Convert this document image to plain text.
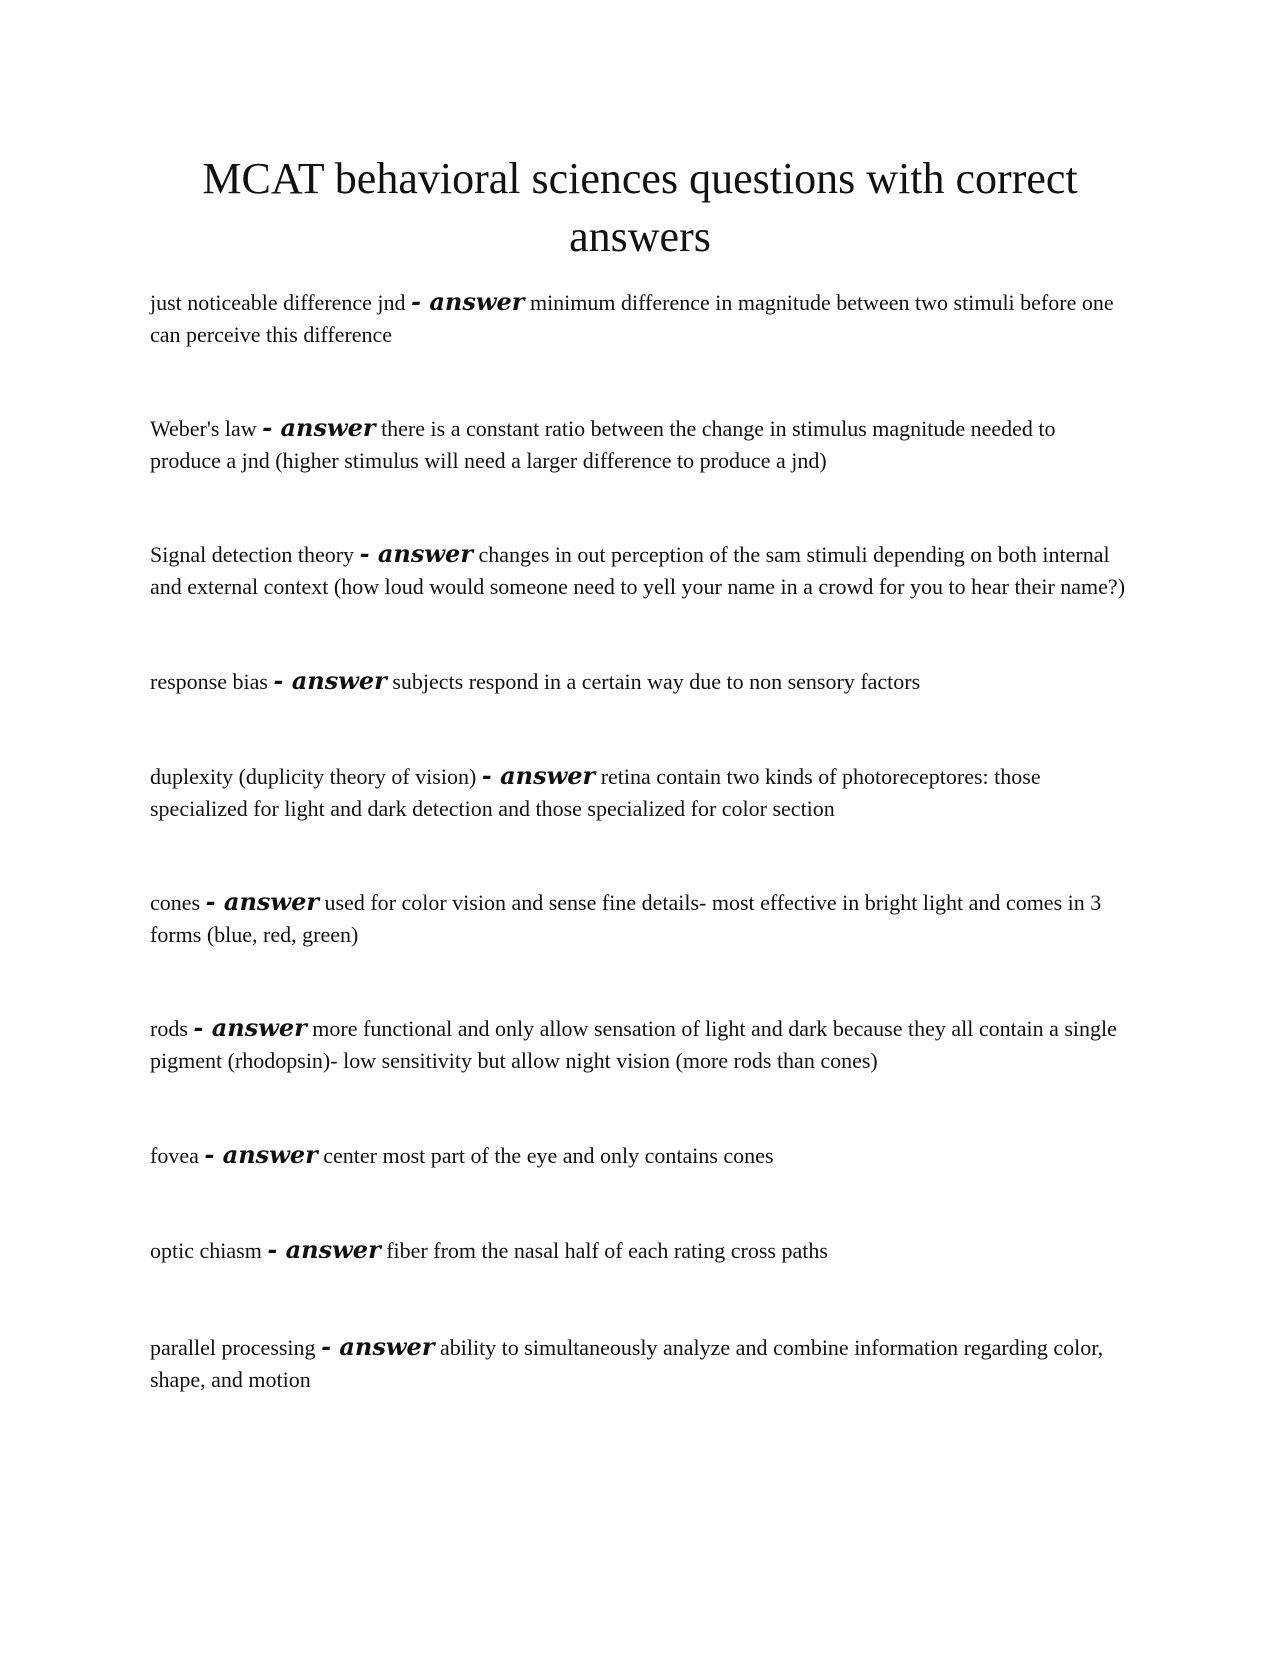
MCAT behavioral sciences questions with correct answers

just noticeable difference jnd - answer minimum difference in magnitude between two stimuli before one can perceive this difference

Weber's law - answer there is a constant ratio between the change in stimulus magnitude needed to produce a jnd (higher stimulus will need a larger difference to produce a jnd)

Signal detection theory - answer changes in out perception of the sam stimuli depending on both internal and external context (how loud would someone need to yell your name in a crowd for you to hear their name?)

response bias - answer subjects respond in a certain way due to non sensory factors

duplexity (duplicity theory of vision) - answer retina contain two kinds of photoreceptores: those specialized for light and dark detection and those specialized for color section

cones - answer used for color vision and sense fine details- most effective in bright light and comes in 3 forms (blue, red, green)

rods - answer more functional and only allow sensation of light and dark because they all contain a single pigment (rhodopsin)- low sensitivity but allow night vision (more rods than cones)

fovea - answer center most part of the eye and only contains cones

optic chiasm - answer fiber from the nasal half of each rating cross paths

parallel processing - answer ability to simultaneously analyze and combine information regarding color, shape, and motion
